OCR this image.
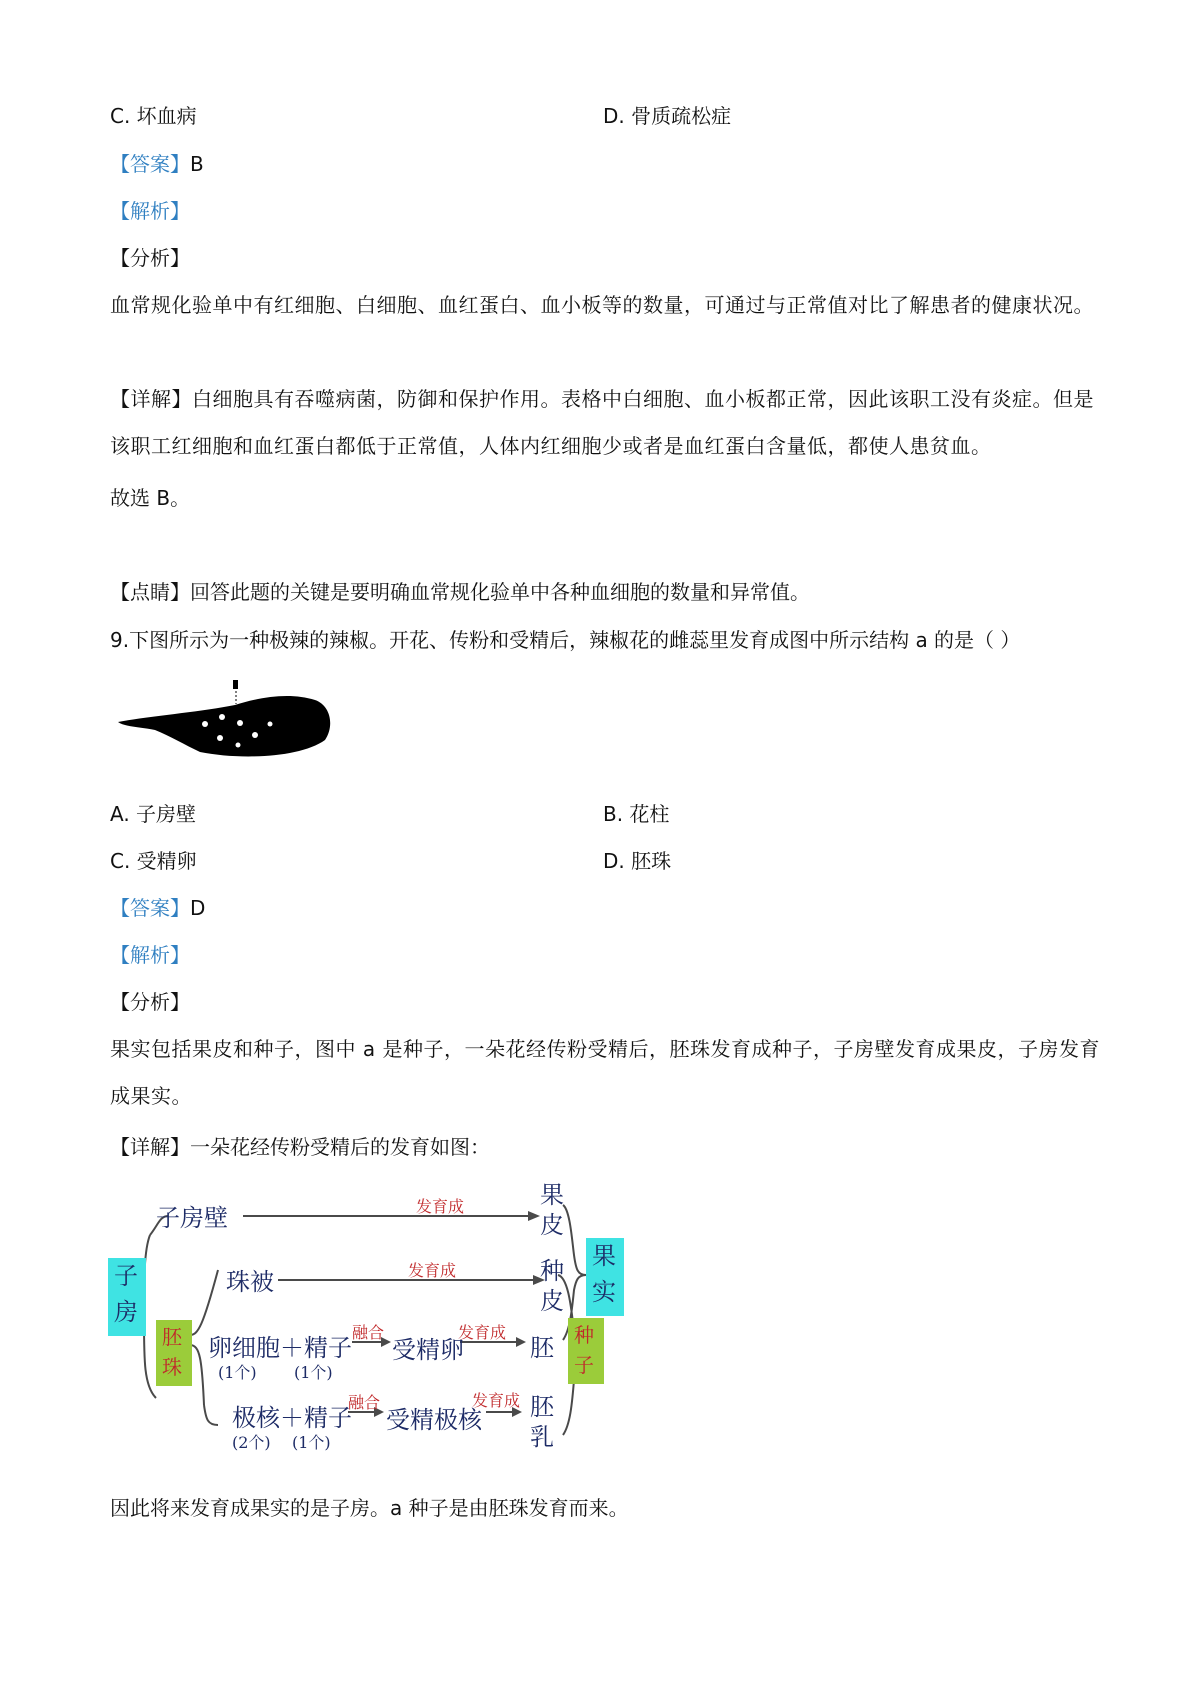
C. 坏血病	D. 骨质疏松症
【答案】B
【解析】
【分析】
血常规化验单中有红细胞、白细胞、血红蛋白、血小板等的数量，可通过与正常值对比了解患者的健康状况。
【详解】白细胞具有吞噬病菌，防御和保护作用。表格中白细胞、血小板都正常，因此该职工没有炎症。但是该职工红细胞和血红蛋白都低于正常值，人体内红细胞少或者是血红蛋白含量低，都使人患贫血。
故选 B。
【点睛】回答此题的关键是要明确血常规化验单中各种血细胞的数量和异常值。
9.下图所示为一种极辣的辣椒。开花、传粉和受精后，辣椒花的雌蕊里发育成图中所示结构 a 的是（ ）
A. 子房壁	B. 花柱
C. 受精卵	D. 胚珠
【答案】D
【解析】
【分析】
果实包括果皮和种子，图中 a 是种子，一朵花经传粉受精后，胚珠发育成种子，子房壁发育成果皮，子房发育成果实。
【详解】一朵花经传粉受精后的发育如图：
子
房
子房壁
珠被
胚
珠
卵细胞＋精子
(1个) (1个)
融合
受精卵
发育成
极核＋精子
(2个) (1个)
融合
受精极核
发育成
发育成
发育成
果
皮
种
皮
胚
胚
乳
果
实
种
子
因此将来发育成果实的是子房。a 种子是由胚珠发育而来。
